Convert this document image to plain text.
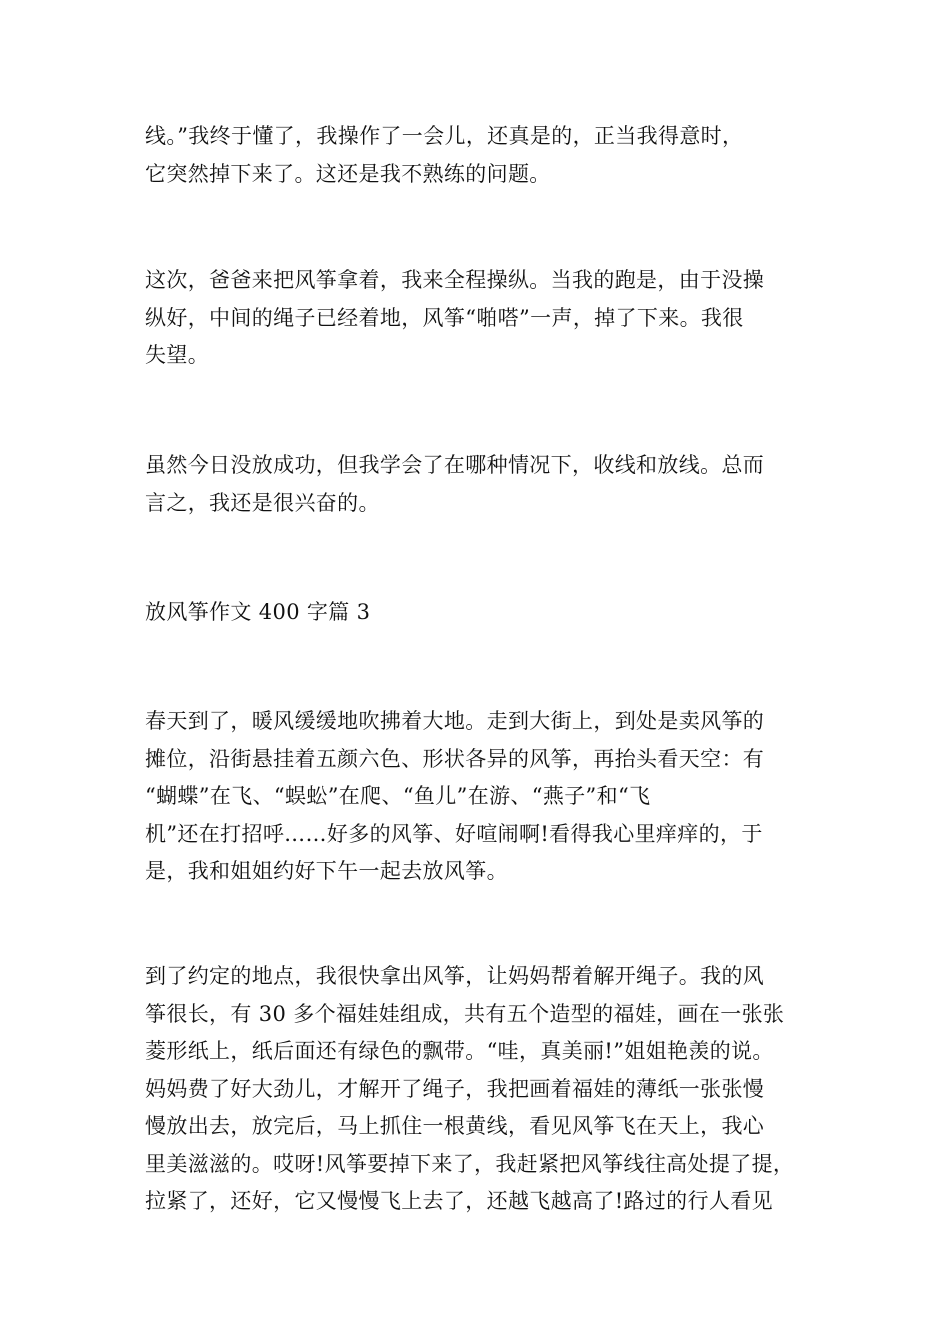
线。”我终于懂了，我操作了一会儿，还真是的，正当我得意时，
它突然掉下来了。这还是我不熟练的问题。
这次，爸爸来把风筝拿着，我来全程操纵。当我的跑是，由于没操
纵好，中间的绳子已经着地，风筝“啪嗒”一声，掉了下来。我很
失望。
虽然今日没放成功，但我学会了在哪种情况下，收线和放线。总而
言之，我还是很兴奋的。
放风筝作文 400 字篇 3
春天到了，暖风缓缓地吹拂着大地。走到大街上，到处是卖风筝的
摊位，沿街悬挂着五颜六色、形状各异的风筝，再抬头看天空：有
“蝴蝶”在飞、“蜈蚣”在爬、“鱼儿”在游、“燕子”和“飞
机”还在打招呼……好多的风筝、好喧闹啊!看得我心里痒痒的，于
是，我和姐姐约好下午一起去放风筝。
到了约定的地点，我很快拿出风筝，让妈妈帮着解开绳子。我的风
筝很长，有 30 多个福娃娃组成，共有五个造型的福娃，画在一张张
菱形纸上，纸后面还有绿色的飘带。“哇，真美丽!”姐姐艳羡的说。
妈妈费了好大劲儿，才解开了绳子，我把画着福娃的薄纸一张张慢
慢放出去，放完后，马上抓住一根黄线，看见风筝飞在天上，我心
里美滋滋的。哎呀!风筝要掉下来了，我赶紧把风筝线往高处提了提，
拉紧了，还好，它又慢慢飞上去了，还越飞越高了!路过的行人看见
